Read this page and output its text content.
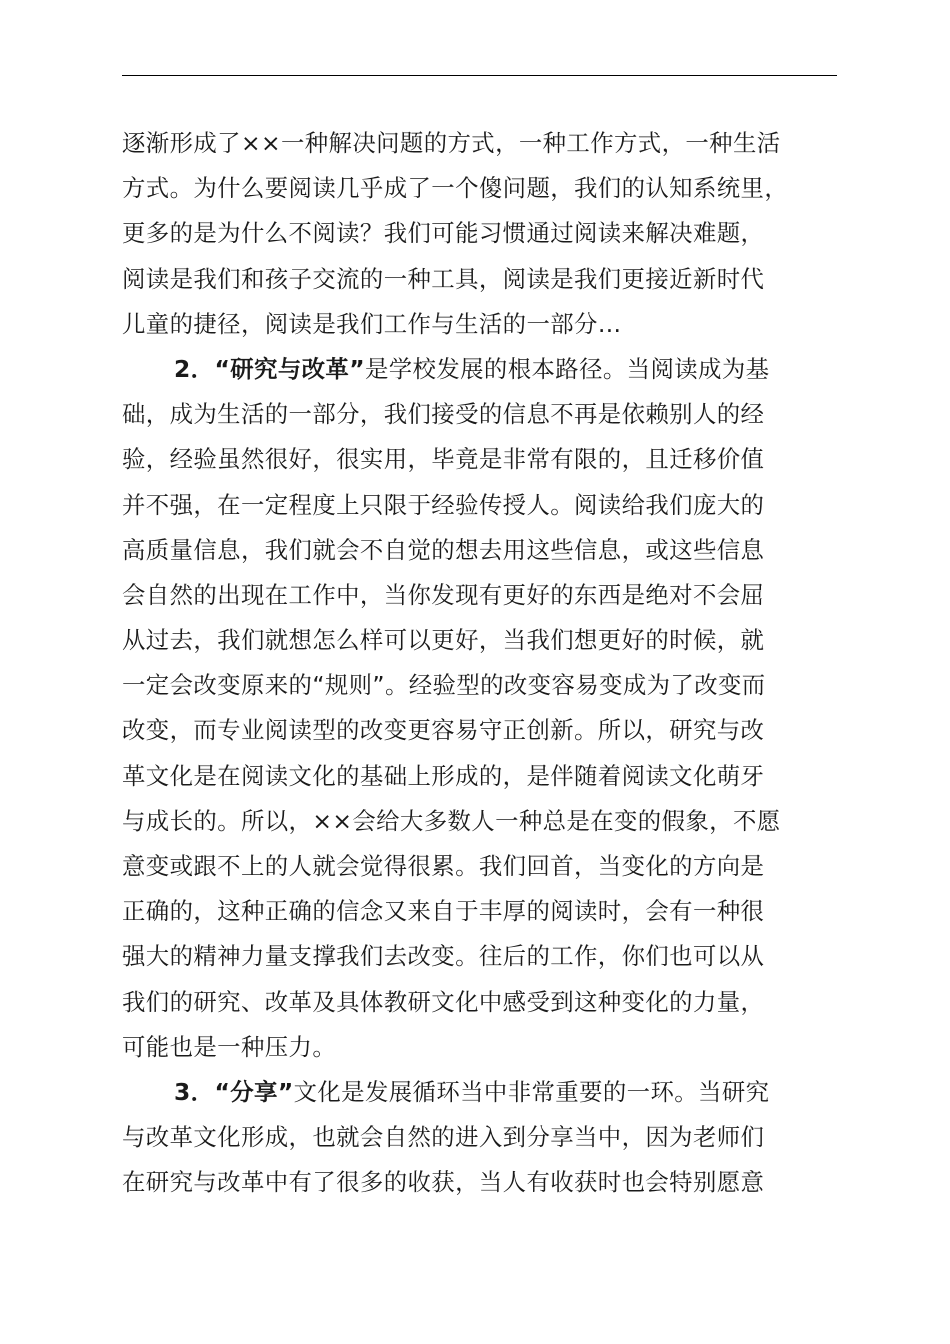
逐渐形成了××一种解决问题的方式，一种工作方式，一种生活
方式。为什么要阅读几乎成了一个傻问题，我们的认知系统里，
更多的是为什么不阅读？我们可能习惯通过阅读来解决难题，
阅读是我们和孩子交流的一种工具，阅读是我们更接近新时代
儿童的捷径，阅读是我们工作与生活的一部分…
2．“研究与改革”是学校发展的根本路径。当阅读成为基
础，成为生活的一部分，我们接受的信息不再是依赖别人的经
验，经验虽然很好，很实用，毕竟是非常有限的，且迁移价值
并不强，在一定程度上只限于经验传授人。阅读给我们庞大的
高质量信息，我们就会不自觉的想去用这些信息，或这些信息
会自然的出现在工作中，当你发现有更好的东西是绝对不会屈
从过去，我们就想怎么样可以更好，当我们想更好的时候，就
一定会改变原来的“规则”。经验型的改变容易变成为了改变而
改变，而专业阅读型的改变更容易守正创新。所以，研究与改
革文化是在阅读文化的基础上形成的，是伴随着阅读文化萌牙
与成长的。所以，××会给大多数人一种总是在变的假象，不愿
意变或跟不上的人就会觉得很累。我们回首，当变化的方向是
正确的，这种正确的信念又来自于丰厚的阅读时，会有一种很
强大的精神力量支撑我们去改变。往后的工作，你们也可以从
我们的研究、改革及具体教研文化中感受到这种变化的力量，
可能也是一种压力。
3．“分享”文化是发展循环当中非常重要的一环。当研究
与改革文化形成，也就会自然的进入到分享当中，因为老师们
在研究与改革中有了很多的收获，当人有收获时也会特别愿意
